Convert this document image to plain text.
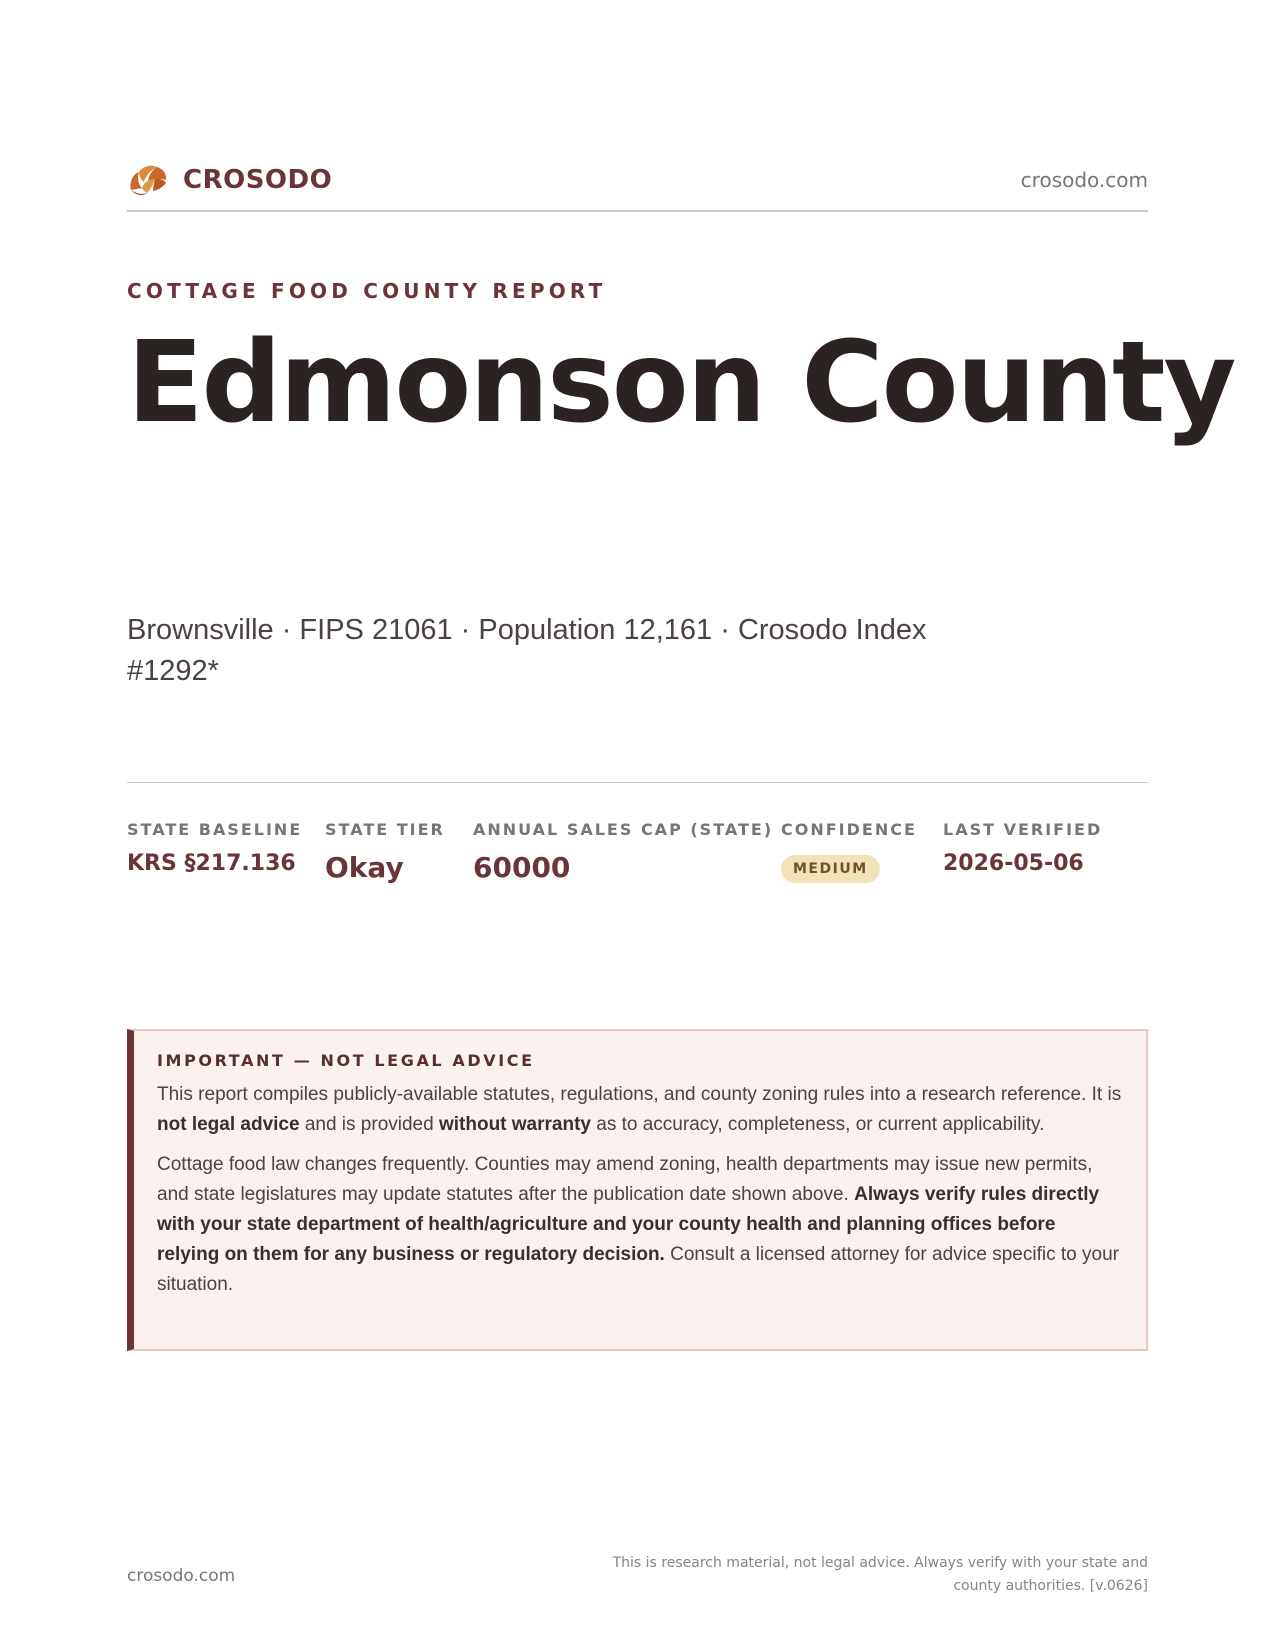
CROSODO	crosodo.com
COTTAGE FOOD COUNTY REPORT
Edmonson County
Brownsville · FIPS 21061 · Population 12,161 · Crosodo Index #1292*
STATE BASELINE
KRS §217.136
STATE TIER
Okay
ANNUAL SALES CAP (STATE)
60000
CONFIDENCE
MEDIUM
LAST VERIFIED
2026-05-06
IMPORTANT — NOT LEGAL ADVICE

This report compiles publicly-available statutes, regulations, and county zoning rules into a research reference. It is not legal advice and is provided without warranty as to accuracy, completeness, or current applicability.

Cottage food law changes frequently. Counties may amend zoning, health departments may issue new permits, and state legislatures may update statutes after the publication date shown above. Always verify rules directly with your state department of health/agriculture and your county health and planning offices before relying on them for any business or regulatory decision. Consult a licensed attorney for advice specific to your situation.

crosodo.com
This is research material, not legal advice. Always verify with your state and county authorities. [v.0626]
